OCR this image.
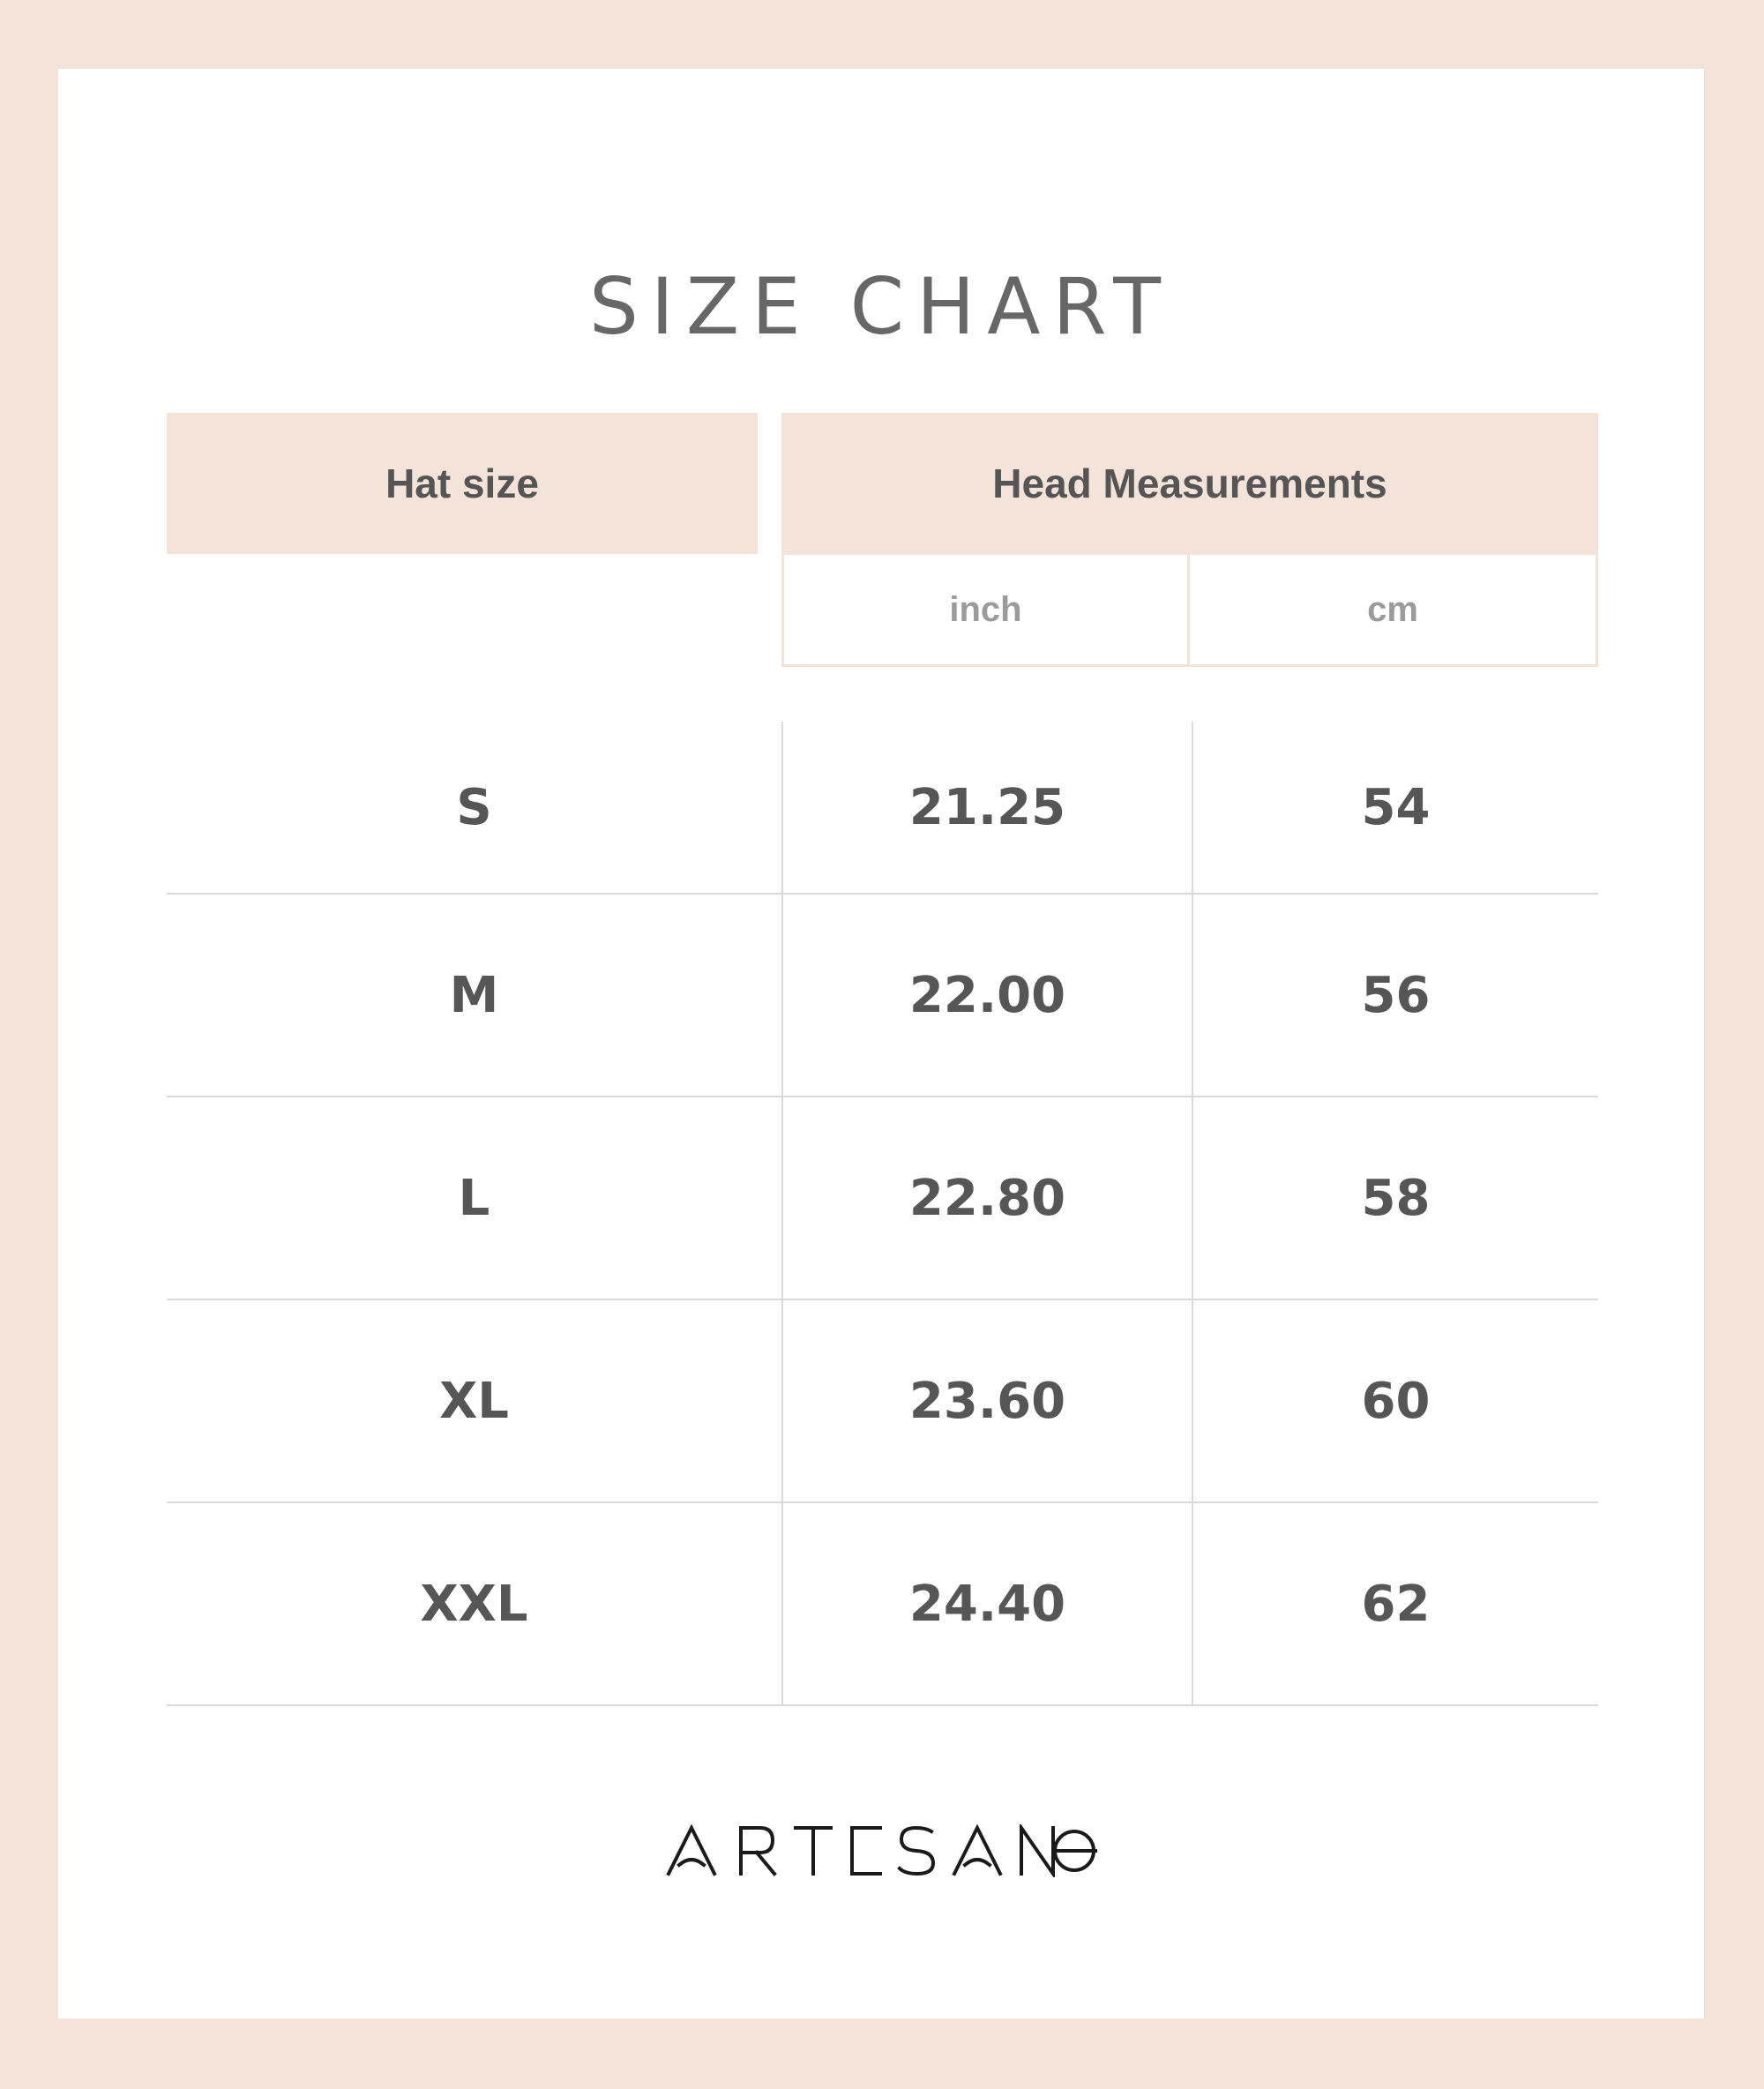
SIZE CHART
Hat size	Head Measurements
inch	cm
S	21.25	54
M	22.00	56
L	22.80	58
XL	23.60	60
XXL	24.40	62
